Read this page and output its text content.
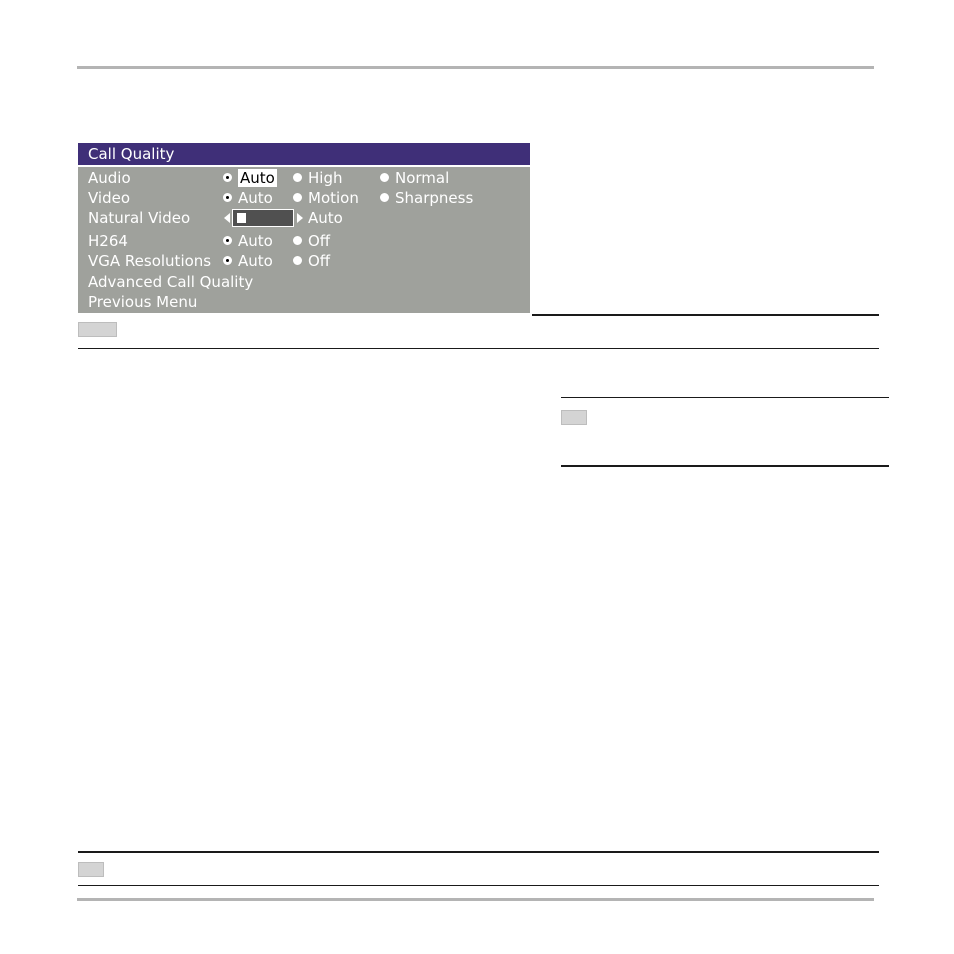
Call Quality
Audio	Auto High	Normal
Video	Auto Motion Sharpness
Natural Video	Auto
H264	Auto Off
VGA Resolutions Auto Off
Advanced Call Quality
Previous Menu
